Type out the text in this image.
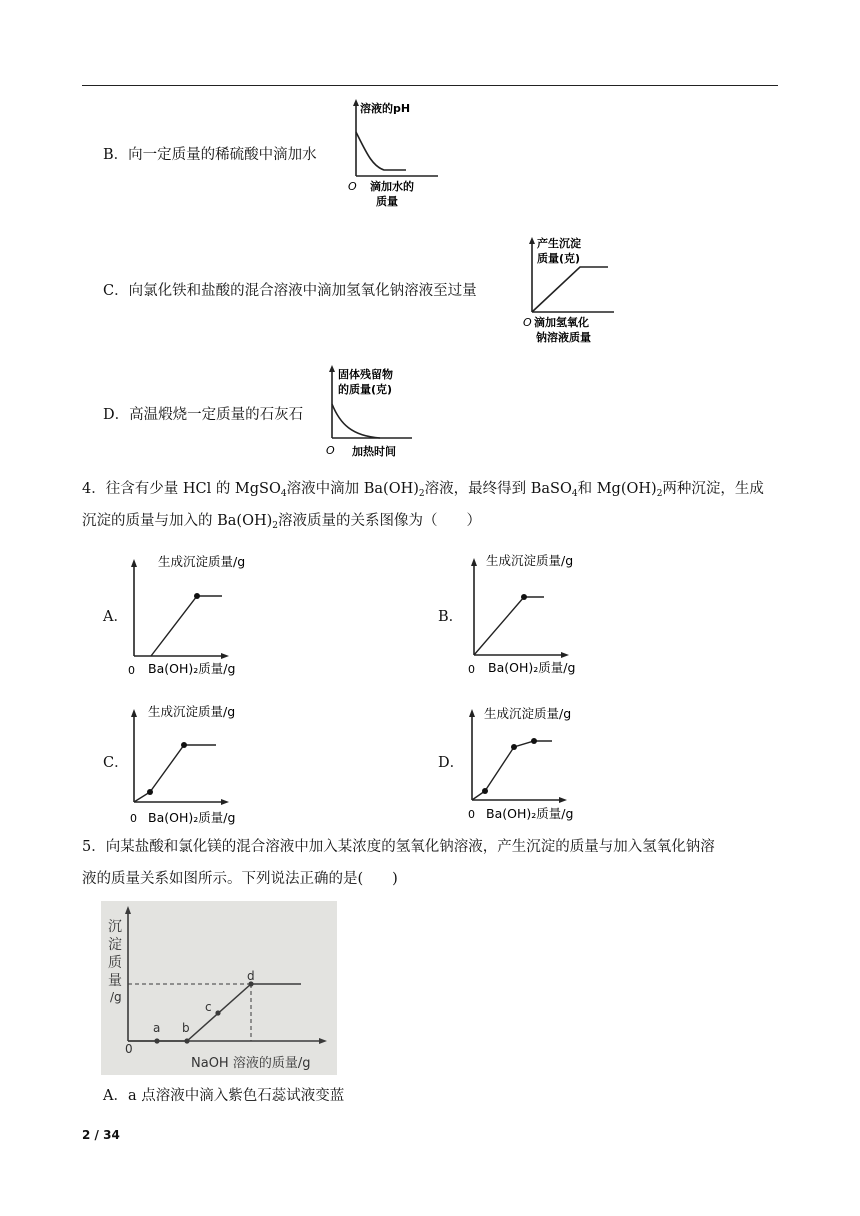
B．向一定质量的稀硫酸中滴加水
溶液的pH
O 滴加水的
质量
C．向氯化铁和盐酸的混合溶液中滴加氢氧化钠溶液至过量
产生沉淀
质量(克)
O 滴加氢氧化
钠溶液质量
D．高温煅烧一定质量的石灰石
固体残留物
的质量(克)
O 加热时间
4．往含有少量 HCl 的 MgSO$_4$溶液中滴加 $Ba(OH)_2$溶液，最终得到 BaSO$_4$和 $Mg(OH)_2$两种沉淀，生成
沉淀的质量与加入的 $Ba(OH)_2$溶液质量的关系图像为（　　）
A．
生成沉淀质量/g
0 Ba(OH)₂质量/g
B．
生成沉淀质量/g
0 Ba(OH)₂质量/g
C．
生成沉淀质量/g
0 Ba(OH)₂质量/g
D．
生成沉淀质量/g
0 Ba(OH)₂质量/g
5．向某盐酸和氯化镁的混合溶液中加入某浓度的氢氧化钠溶液，产生沉淀的质量与加入氢氧化钠溶
液的质量关系如图所示。下列说法正确的是(　　)
a b
c
d
沉
淀
质
量
/g
0
NaOH 溶液的质量/g
A．a 点溶液中滴入紫色石蕊试液变蓝
2 / 34
